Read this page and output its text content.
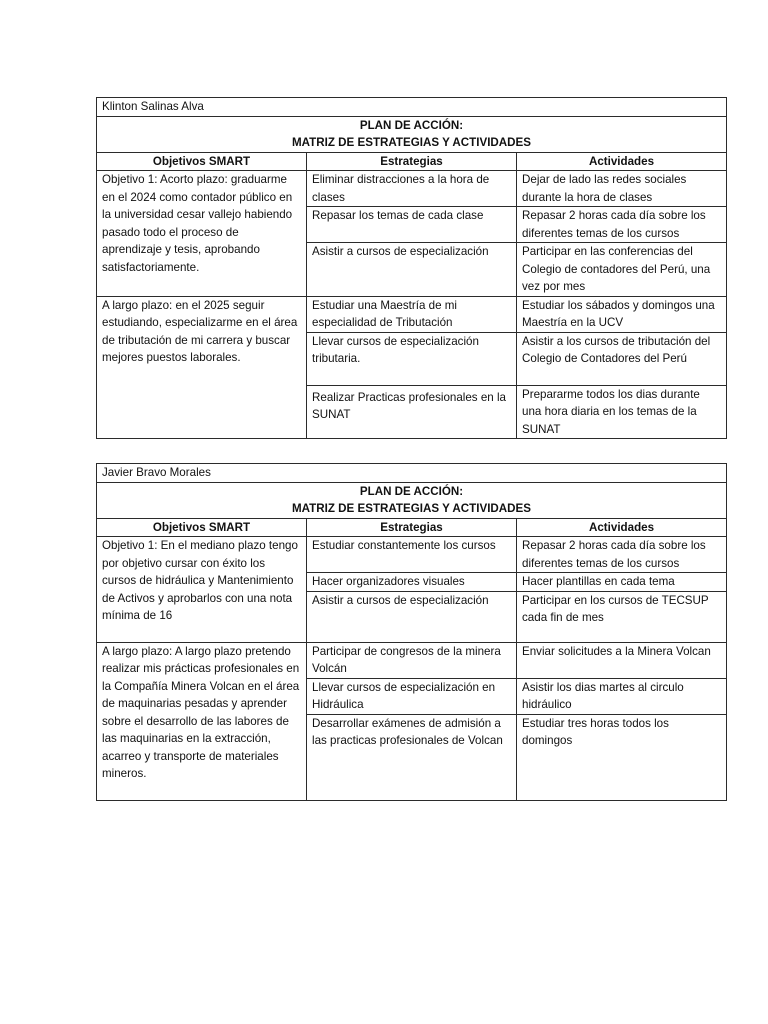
Klinton Salinas Alva		

PLAN DE ACCIÓN:
MATRIZ DE ESTRATEGIAS Y ACTIVIDADES		

Objetivos SMART	Estrategias	Actividades
Objetivo 1: Acorto plazo: graduarme en el 2024 como contador público en la universidad cesar vallejo habiendo pasado todo el proceso de aprendizaje y tesis, aprobando satisfactoriamente.	Eliminar distracciones a la hora de clases	Dejar de lado las redes sociales durante la hora de clases
	Repasar los temas de cada clase	Repasar 2 horas cada día sobre los diferentes temas de los cursos
	Asistir a cursos de especialización	Participar en las conferencias del Colegio de contadores del Perú, una vez por mes
A largo plazo: en el 2025 seguir estudiando, especializarme en el área de tributación de mi carrera y buscar mejores puestos laborales.	Estudiar una Maestría de mi especialidad de Tributación	Estudiar los sábados y domingos una Maestría en la UCV
	Llevar cursos de especialización tributaria.	Asistir a los cursos de tributación del Colegio de Contadores del Perú
	Realizar Practicas profesionales en la SUNAT	Prepararme todos los dias durante una hora diaria en los temas de la SUNAT
Javier Bravo Morales		

PLAN DE ACCIÓN:
MATRIZ DE ESTRATEGIAS Y ACTIVIDADES		

Objetivos SMART	Estrategias	Actividades
Objetivo 1: En el mediano plazo tengo por objetivo cursar con éxito los cursos de hidráulica y Mantenimiento de Activos y aprobarlos con una nota mínima de 16	Estudiar constantemente los cursos	Repasar 2 horas cada día sobre los diferentes temas de los cursos
	Hacer organizadores visuales	Hacer plantillas en cada tema
	Asistir a cursos de especialización	Participar en los cursos de TECSUP cada fin de mes
A largo plazo: A largo plazo pretendo realizar mis prácticas profesionales en la Compañía Minera Volcan en el área de maquinarias pesadas y aprender sobre el desarrollo de las labores de las maquinarias en la extracción, acarreo y transporte de materiales mineros.	Participar de congresos de la minera Volcán	Enviar solicitudes a la Minera Volcan
	Llevar cursos de especialización en Hidráulica	Asistir los dias martes al circulo hidráulico
	Desarrollar exámenes de admisión a las practicas profesionales de Volcan	Estudiar tres horas todos los domingos
